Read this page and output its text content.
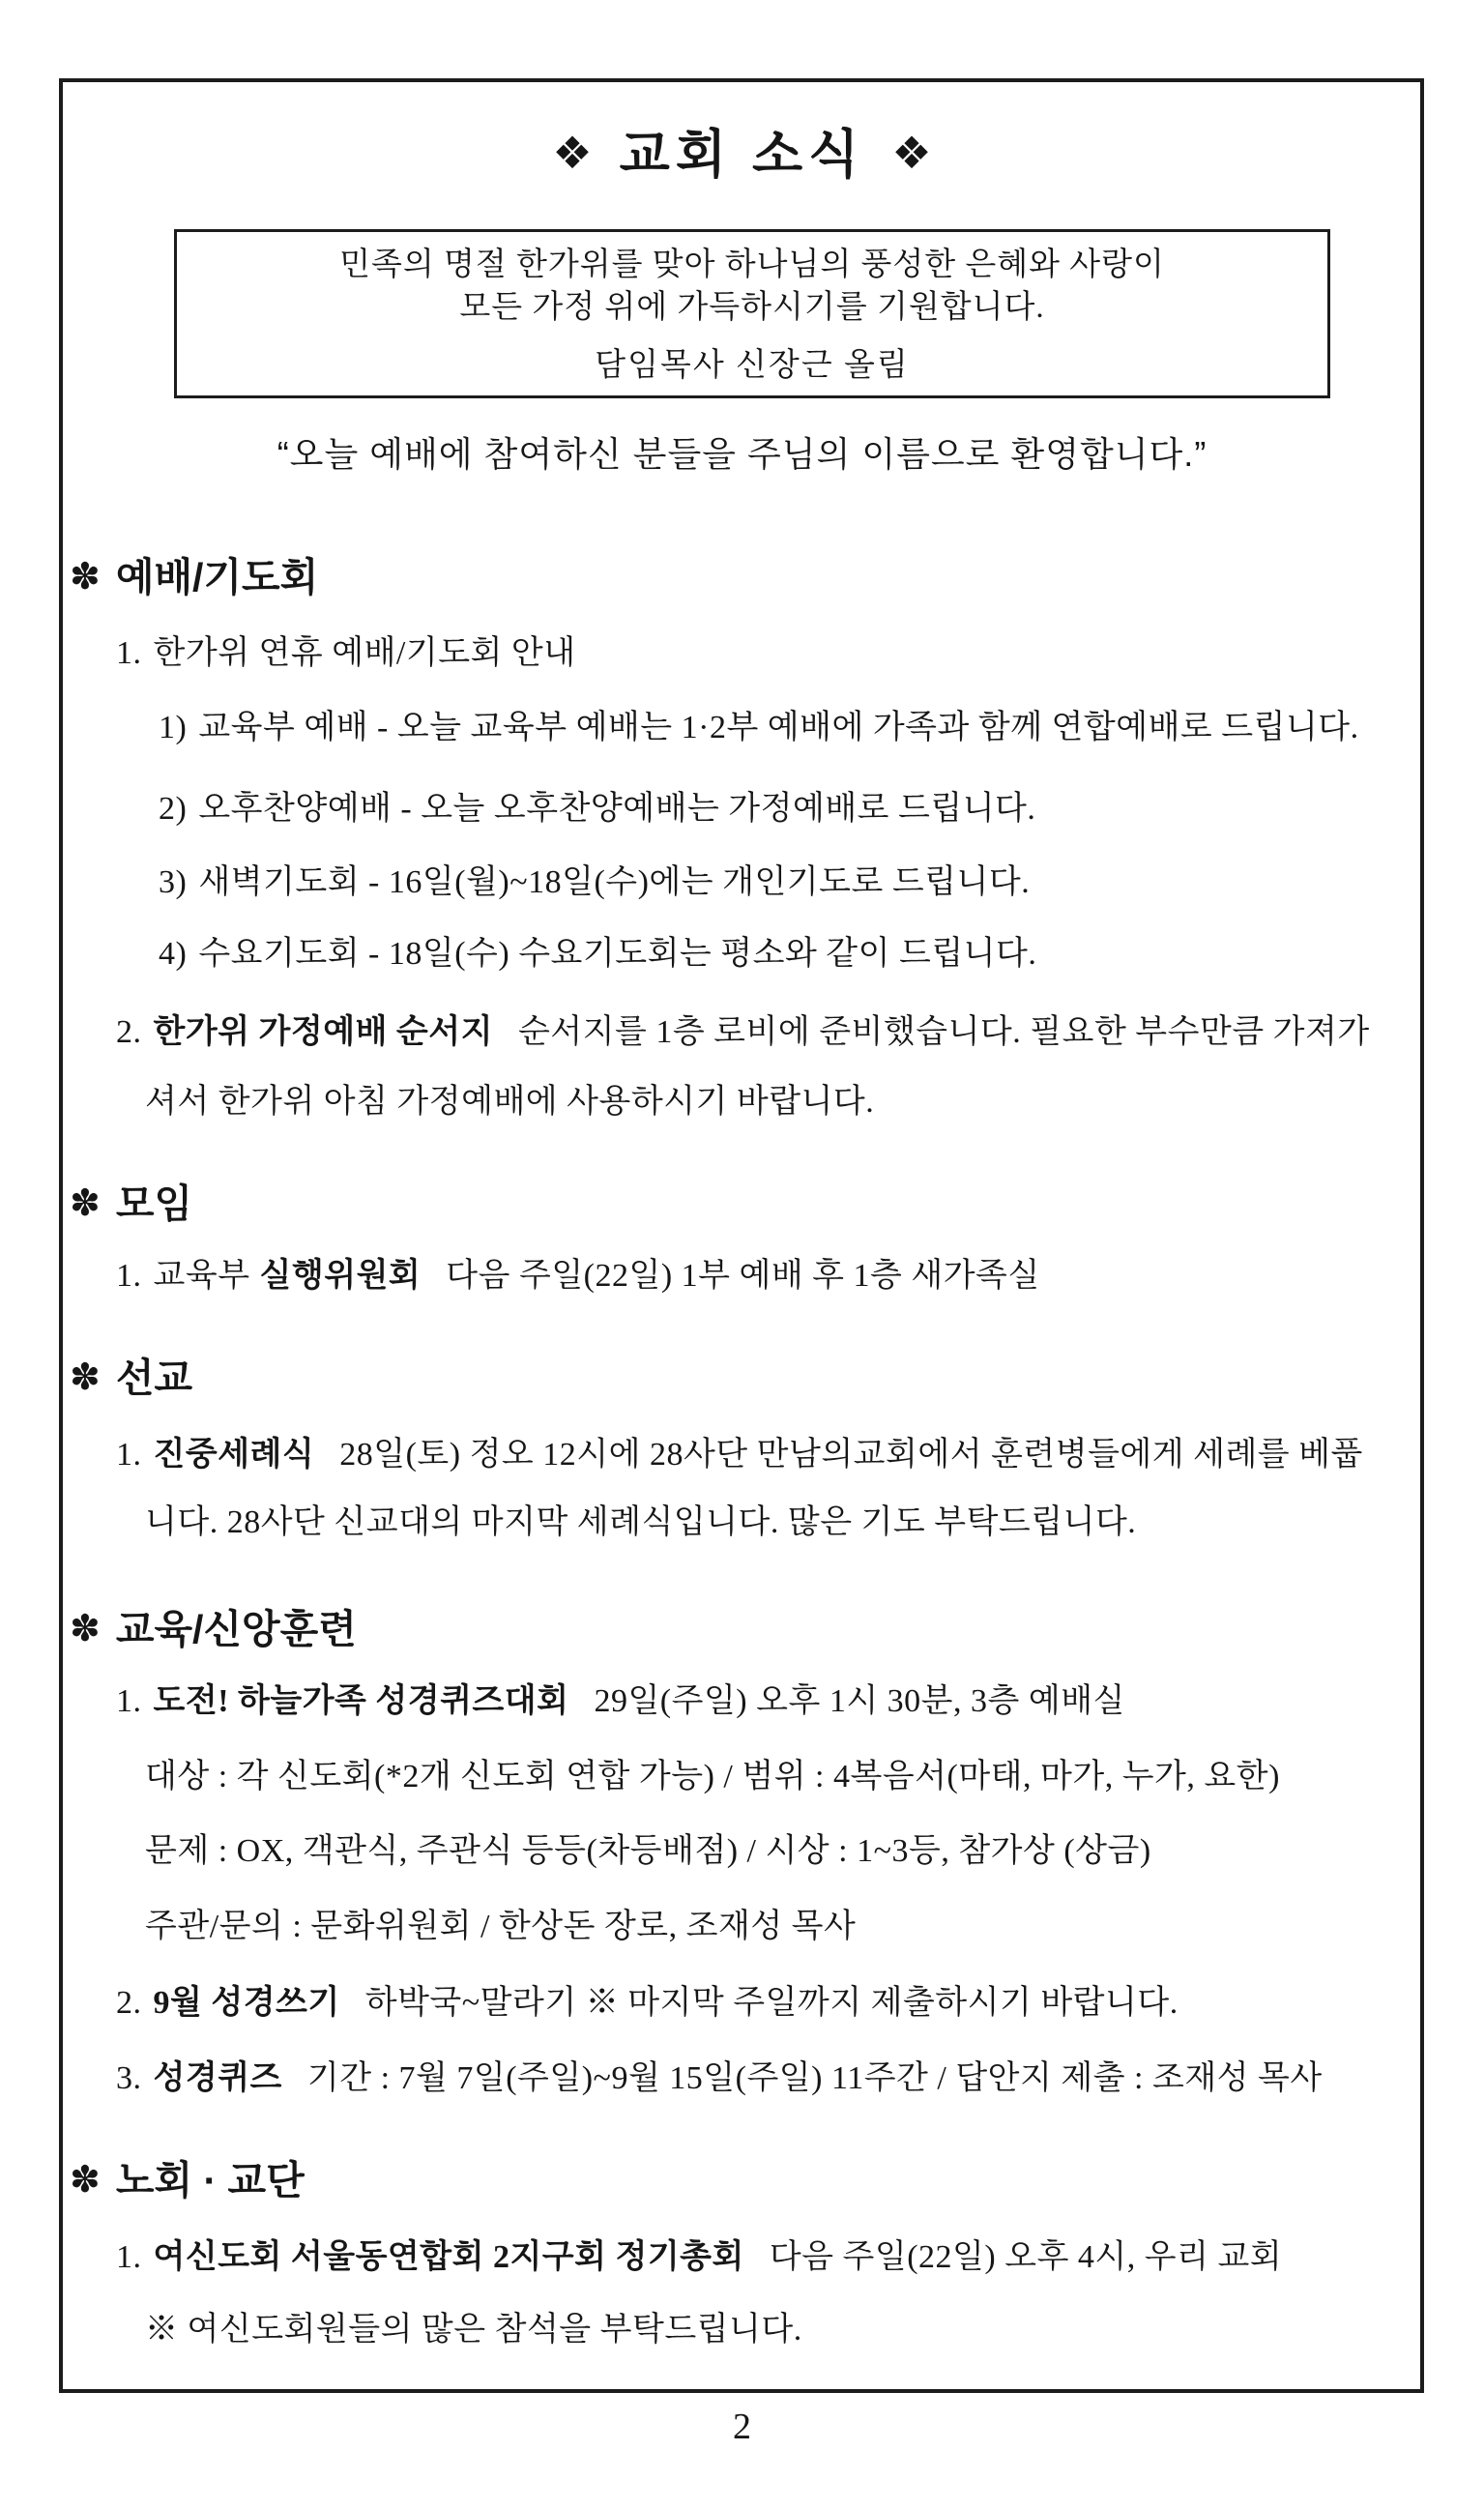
❖ 교회 소식 ❖
민족의 명절 한가위를 맞아 하나님의 풍성한 은혜와 사랑이
모든 가정 위에 가득하시기를 기원합니다.
담임목사 신장근 올림
“오늘 예배에 참여하신 분들을 주님의 이름으로 환영합니다.”
✽ 예배/기도회
1. 한가위 연휴 예배/기도회 안내
1) 교육부 예배 - 오늘 교육부 예배는 1·2부 예배에 가족과 함께 연합예배로 드립니다.
2) 오후찬양예배 - 오늘 오후찬양예배는 가정예배로 드립니다.
3) 새벽기도회 - 16일(월)~18일(수)에는 개인기도로 드립니다.
4) 수요기도회 - 18일(수) 수요기도회는 평소와 같이 드립니다.
2. 한가위 가정예배 순서지 순서지를 1층 로비에 준비했습니다. 필요한 부수만큼 가져가
셔서 한가위 아침 가정예배에 사용하시기 바랍니다.
✽ 모임
1. 교육부 실행위원회 다음 주일(22일) 1부 예배 후 1층 새가족실
✽ 선교
1. 진중세례식 28일(토) 정오 12시에 28사단 만남의교회에서 훈련병들에게 세례를 베풉
니다. 28사단 신교대의 마지막 세례식입니다. 많은 기도 부탁드립니다.
✽ 교육/신앙훈련
1. 도전! 하늘가족 성경퀴즈대회 29일(주일) 오후 1시 30분, 3층 예배실
대상 : 각 신도회(*2개 신도회 연합 가능) / 범위 : 4복음서(마태, 마가, 누가, 요한)
문제 : OX, 객관식, 주관식 등등(차등배점) / 시상 : 1~3등, 참가상 (상금)
주관/문의 : 문화위원회 / 한상돈 장로, 조재성 목사
2. 9월 성경쓰기 하박국~말라기 ※ 마지막 주일까지 제출하시기 바랍니다.
3. 성경퀴즈 기간 : 7월 7일(주일)~9월 15일(주일) 11주간 / 답안지 제출 : 조재성 목사
✽ 노회 · 교단
1. 여신도회 서울동연합회 2지구회 정기총회 다음 주일(22일) 오후 4시, 우리 교회
※ 여신도회원들의 많은 참석을 부탁드립니다.
2
